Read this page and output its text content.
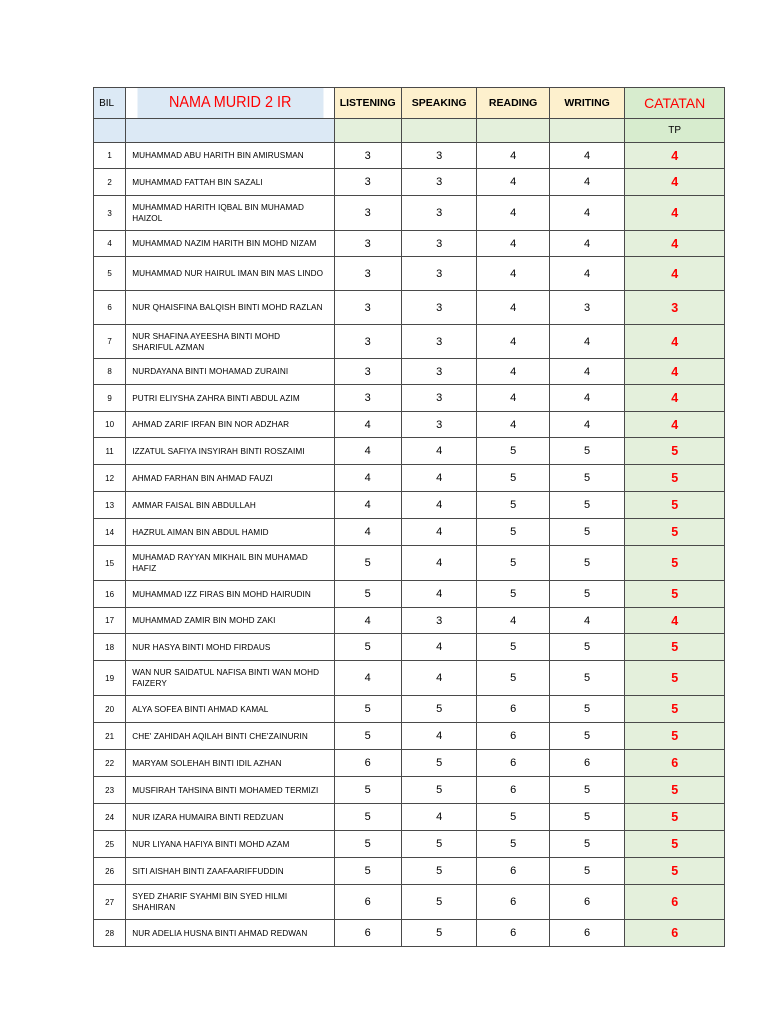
BIL	NAMA MURID 2 IR	LISTENING	SPEAKING	READING	WRITING	CATATAN
						TP
1	MUHAMMAD ABU HARITH BIN AMIRUSMAN	3	3	4	4	4
2	MUHAMMAD FATTAH BIN SAZALI	3	3	4	4	4
3	MUHAMMAD HARITH IQBAL BIN MUHAMAD HAIZOL	3	3	4	4	4
4	MUHAMMAD NAZIM HARITH BIN MOHD NIZAM	3	3	4	4	4
5	MUHAMMAD NUR HAIRUL IMAN BIN MAS LINDO	3	3	4	4	4
6	NUR QHAISFINA BALQISH BINTI MOHD RAZLAN	3	3	4	3	3
7	NUR SHAFINA AYEESHA BINTI MOHD SHARIFUL AZMAN	3	3	4	4	4
8	NURDAYANA BINTI MOHAMAD ZURAINI	3	3	4	4	4
9	PUTRI ELIYSHA ZAHRA BINTI ABDUL AZIM	3	3	4	4	4
10	AHMAD ZARIF IRFAN BIN NOR ADZHAR	4	3	4	4	4
11	IZZATUL SAFIYA INSYIRAH BINTI ROSZAIMI	4	4	5	5	5
12	AHMAD FARHAN BIN AHMAD FAUZI	4	4	5	5	5
13	AMMAR FAISAL BIN ABDULLAH	4	4	5	5	5
14	HAZRUL AIMAN BIN ABDUL HAMID	4	4	5	5	5
15	MUHAMAD RAYYAN MIKHAIL BIN MUHAMAD HAFIZ	5	4	5	5	5
16	MUHAMMAD IZZ FIRAS BIN MOHD HAIRUDIN	5	4	5	5	5
17	MUHAMMAD ZAMIR BIN MOHD ZAKI	4	3	4	4	4
18	NUR HASYA BINTI MOHD FIRDAUS	5	4	5	5	5
19	WAN NUR SAIDATUL NAFISA BINTI WAN MOHD FAIZERY	4	4	5	5	5
20	ALYA SOFEA BINTI AHMAD KAMAL	5	5	6	5	5
21	CHE' ZAHIDAH AQILAH BINTI CHE'ZAINURIN	5	4	6	5	5
22	MARYAM SOLEHAH BINTI IDIL AZHAN	6	5	6	6	6
23	MUSFIRAH TAHSINA BINTI MOHAMED TERMIZI	5	5	6	5	5
24	NUR IZARA HUMAIRA BINTI REDZUAN	5	4	5	5	5
25	NUR LIYANA HAFIYA BINTI MOHD AZAM	5	5	5	5	5
26	SITI AISHAH BINTI ZAAFAARIFFUDDIN	5	5	6	5	5
27	SYED ZHARIF SYAHMI BIN SYED HILMI SHAHIRAN	6	5	6	6	6
28	NUR ADELIA HUSNA BINTI AHMAD REDWAN	6	5	6	6	6
